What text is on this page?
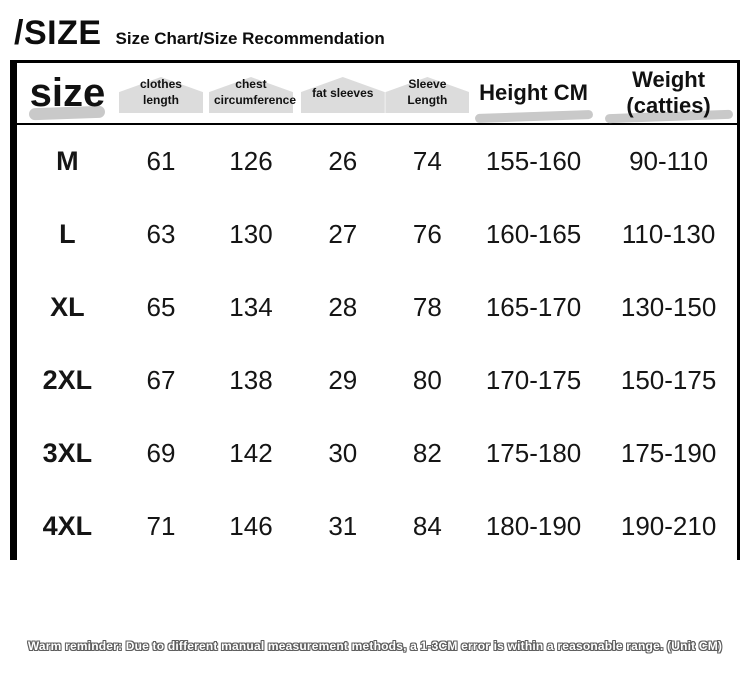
/SIZE Size Chart/Size Recommendation
size	clothes length	chest circumference	fat sleeves	Sleeve Length	Height CM	Weight (catties)
M	61	126	26	74	155-160	90-110
L	63	130	27	76	160-165	110-130
XL	65	134	28	78	165-170	130-150
2XL	67	138	29	80	170-175	150-175
3XL	69	142	30	82	175-180	175-190
4XL	71	146	31	84	180-190	190-210
Warm reminder: Due to different manual measurement methods, a 1-3CM error is within a reasonable range. (Unit CM)
